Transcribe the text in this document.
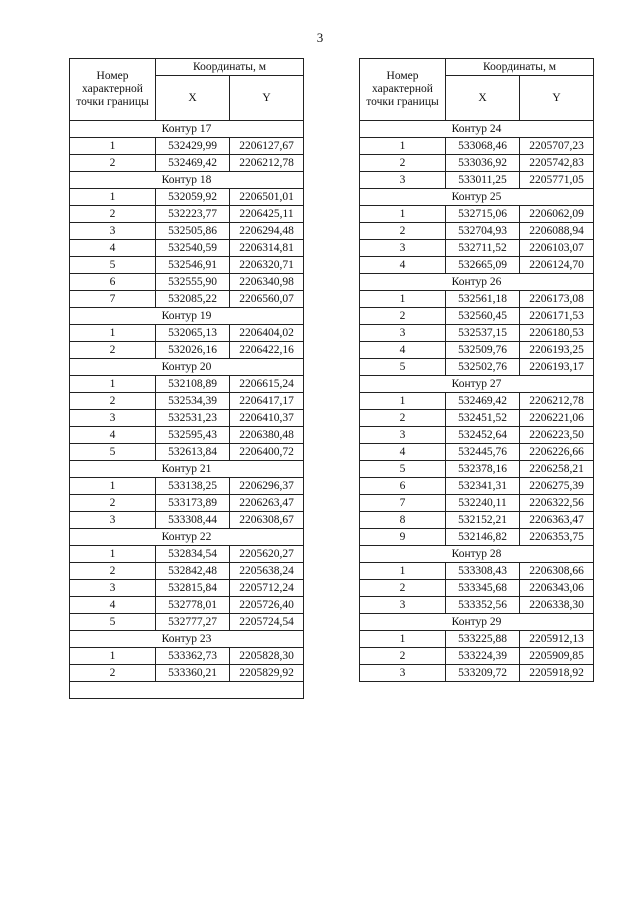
3
Номер характерной точки границы	Координаты, м	
	X	Y
Контур 17		
1	532429,99	2206127,67
2	532469,42	2206212,78
Контур 18		
1	532059,92	2206501,01
2	532223,77	2206425,11
3	532505,86	2206294,48
4	532540,59	2206314,81
5	532546,91	2206320,71
6	532555,90	2206340,98
7	532085,22	2206560,07
Контур 19		
1	532065,13	2206404,02
2	532026,16	2206422,16
Контур 20		
1	532108,89	2206615,24
2	532534,39	2206417,17
3	532531,23	2206410,37
4	532595,43	2206380,48
5	532613,84	2206400,72
Контур 21		
1	533138,25	2206296,37
2	533173,89	2206263,47
3	533308,44	2206308,67
Контур 22		
1	532834,54	2205620,27
2	532842,48	2205638,24
3	532815,84	2205712,24
4	532778,01	2205726,40
5	532777,27	2205724,54
Контур 23		
1	533362,73	2205828,30
2	533360,21	2205829,92

Номер характерной точки границы	Координаты, м	
	X	Y
Контур 24		
1	533068,46	2205707,23
2	533036,92	2205742,83
3	533011,25	2205771,05
Контур 25		
1	532715,06	2206062,09
2	532704,93	2206088,94
3	532711,52	2206103,07
4	532665,09	2206124,70
Контур 26		
1	532561,18	2206173,08
2	532560,45	2206171,53
3	532537,15	2206180,53
4	532509,76	2206193,25
5	532502,76	2206193,17
Контур 27		
1	532469,42	2206212,78
2	532451,52	2206221,06
3	532452,64	2206223,50
4	532445,76	2206226,66
5	532378,16	2206258,21
6	532341,31	2206275,39
7	532240,11	2206322,56
8	532152,21	2206363,47
9	532146,82	2206353,75
Контур 28		
1	533308,43	2206308,66
2	533345,68	2206343,06
3	533352,56	2206338,30
Контур 29		
1	533225,88	2205912,13
2	533224,39	2205909,85
3	533209,72	2205918,92
